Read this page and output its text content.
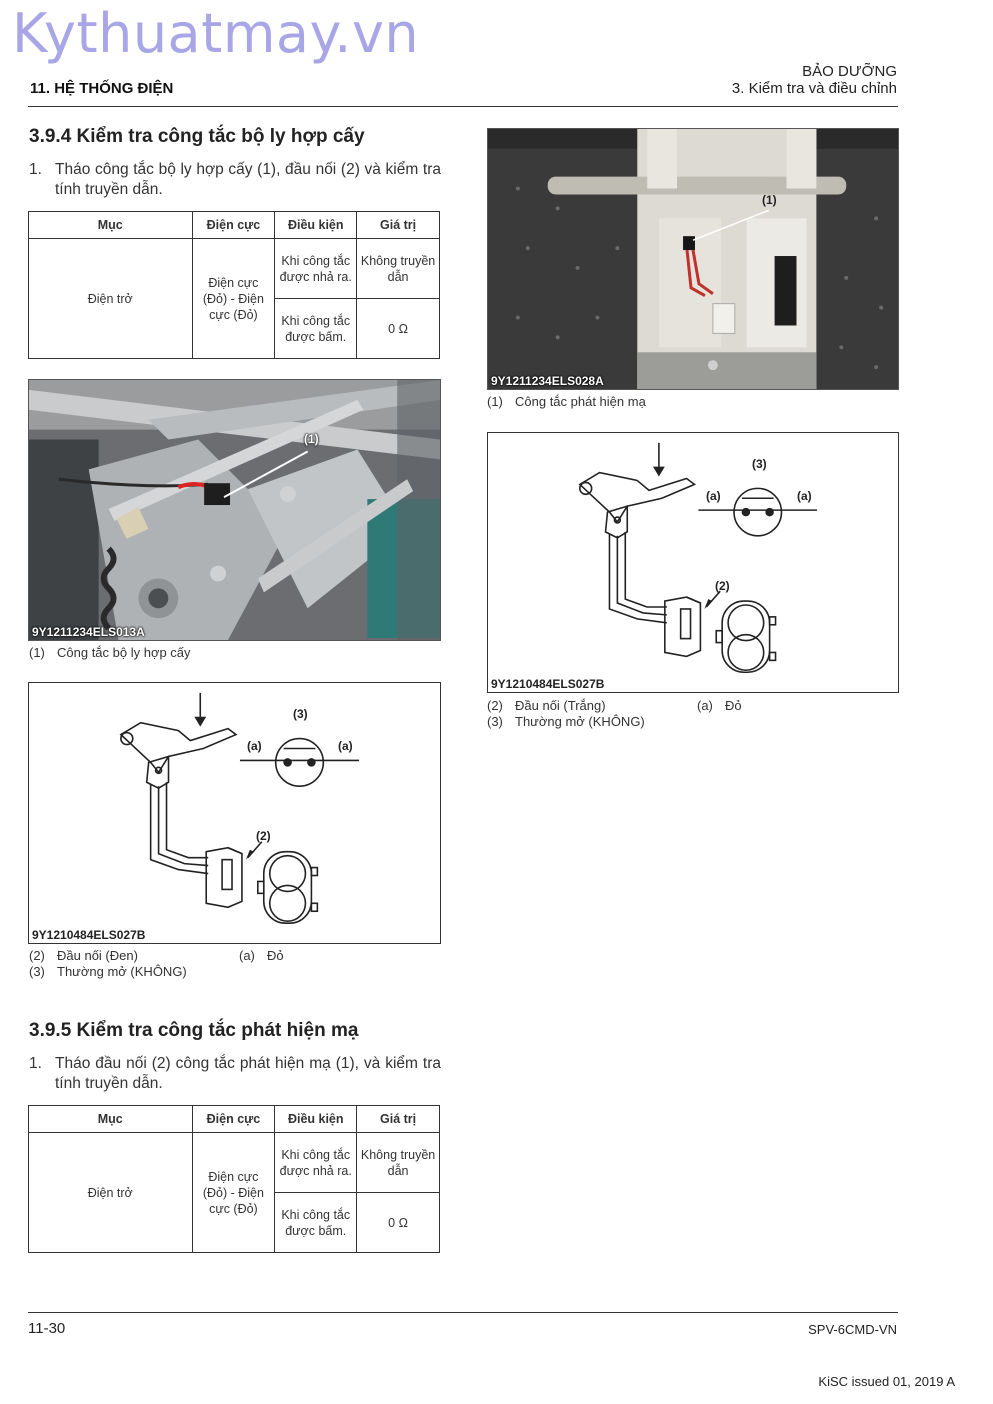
Kythuatmay.vn
11. HỆ THỐNG ĐIỆN
BẢO DƯỠNG
3. Kiểm tra và điều chỉnh
3.9.4 Kiểm tra công tắc bộ ly hợp cấy
1. Tháo công tắc bộ ly hợp cấy (1), đầu nối (2) và kiểm tra tính truyền dẫn.
Mục	Điện cực	Điều kiện	Giá trị
Điện trở	Điện cực (Đỏ) - Điện cực (Đỏ)	Khi công tắc được nhả ra.	Không truyền dẫn
		Khi công tắc được bấm.	0 Ω
(1)
9Y1211234ELS013A
(1) Công tắc bộ ly hợp cấy
(3)
(a)	(a)
(2)
9Y1210484ELS027B
(2) Đầu nối (Đen)
(3) Thường mở (KHÔNG)
(a) Đỏ
3.9.5 Kiểm tra công tắc phát hiện mạ
1. Tháo đầu nối (2) công tắc phát hiện mạ (1), và kiểm tra tính truyền dẫn.
Mục	Điện cực	Điều kiện	Giá trị
Điện trở	Điện cực (Đỏ) - Điện cực (Đỏ)	Khi công tắc được nhả ra.	Không truyền dẫn
		Khi công tắc được bấm.	0 Ω
(1)
9Y1211234ELS028A
(1) Công tắc phát hiện mạ
(3)
(a)	(a)
(2)
9Y1210484ELS027B
(2) Đầu nối (Trắng)
(3) Thường mở (KHÔNG)
(a) Đỏ
11-30	SPV-6CMD-VN
KiSC issued 01, 2019 A
